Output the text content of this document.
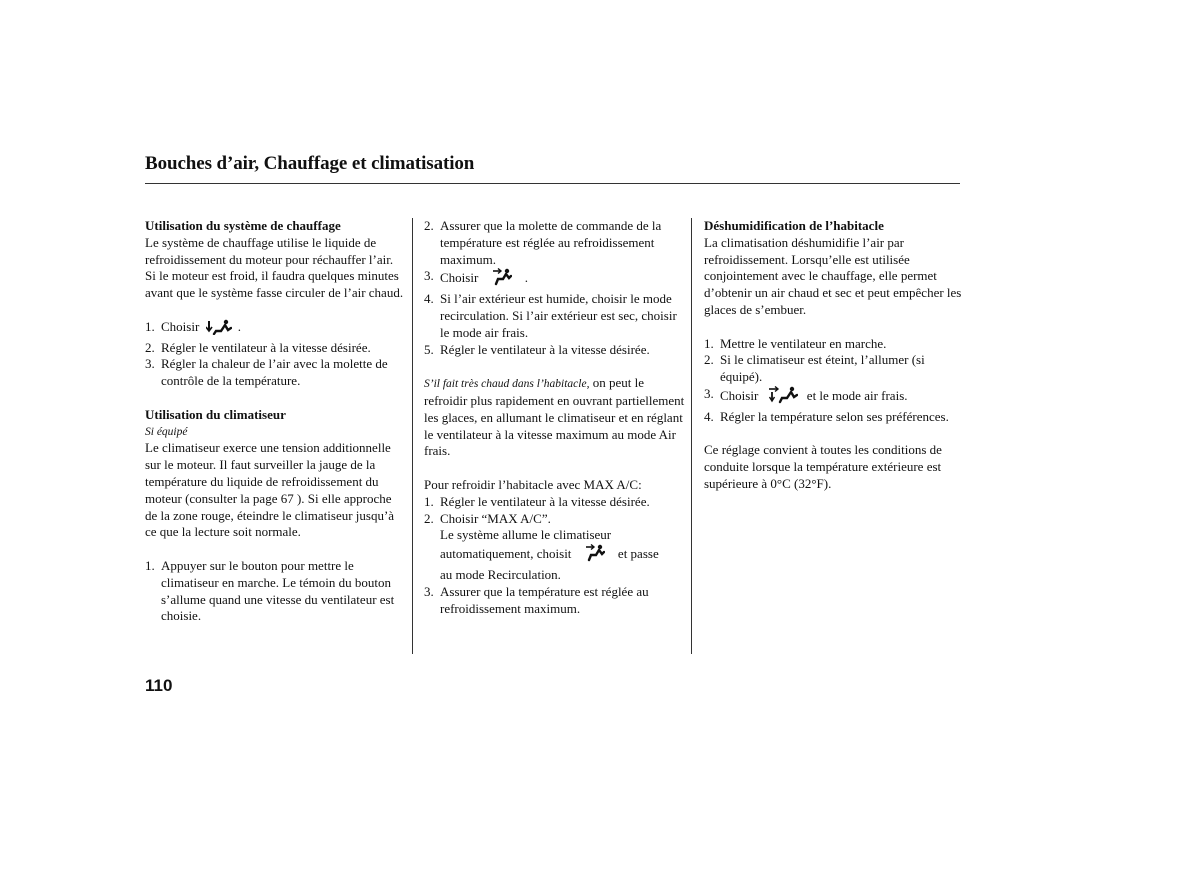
Bouches d’air, Chauffage et climatisation
Utilisation du système de chauffage

Le système de chauffage utilise le liquide de refroidissement du moteur pour réchauffer l’air. Si le moteur est froid, il faudra quelques minutes avant que le système fasse circuler de l’air chaud.

1. Choisir	.
2. Régler le ventilateur à la vitesse désirée.
3. Régler la chaleur de l’air avec la molette de contrôle de la température.
Utilisation du climatiseur
Si équipé

Le climatiseur exerce une tension additionnelle sur le moteur. Il faut surveiller la jauge de la température du liquide de refroidissement du moteur (consulter la page 67 ). Si elle approche de la zone rouge, éteindre le climatiseur jusqu’à ce que la lecture soit normale.

1. Appuyer sur le bouton pour mettre le climatiseur en marche. Le témoin du bouton s’allume quand une vitesse du ventilateur est choisie.
2. Assurer que la molette de commande de la température est réglée au refroidissement maximum.
3. Choisir	.
4. Si l’air extérieur est humide, choisir le mode recirculation. Si l’air extérieur est sec, choisir le mode air frais.
5. Régler le ventilateur à la vitesse désirée.

S’il fait très chaud dans l’habitacle, on peut le refroidir plus rapidement en ouvrant partiellement les glaces, en allumant le climatiseur et en réglant le ventilateur à la vitesse maximum au mode Air frais.

Pour refroidir l’habitacle avec MAX A/C:
1. Régler le ventilateur à la vitesse désirée.
2. Choisir “MAX A/C”.
Le système allume le climatiseur
automatiquement, choisit	et passe
au mode Recirculation.
3. Assurer que la température est réglée au refroidissement maximum.
Déshumidification de l’habitacle

La climatisation déshumidifie l’air par refroidissement. Lorsqu’elle est utilisée conjointement avec le chauffage, elle permet d’obtenir un air chaud et sec et peut empêcher les glaces de s’embuer.

1. Mettre le ventilateur en marche.
2. Si le climatiseur est éteint, l’allumer (si équipé).
3. Choisir	et le mode air frais.
4. Régler la température selon ses préférences.

Ce réglage convient à toutes les conditions de conduite lorsque la température extérieure est supérieure à 0°C (32°F).

110
